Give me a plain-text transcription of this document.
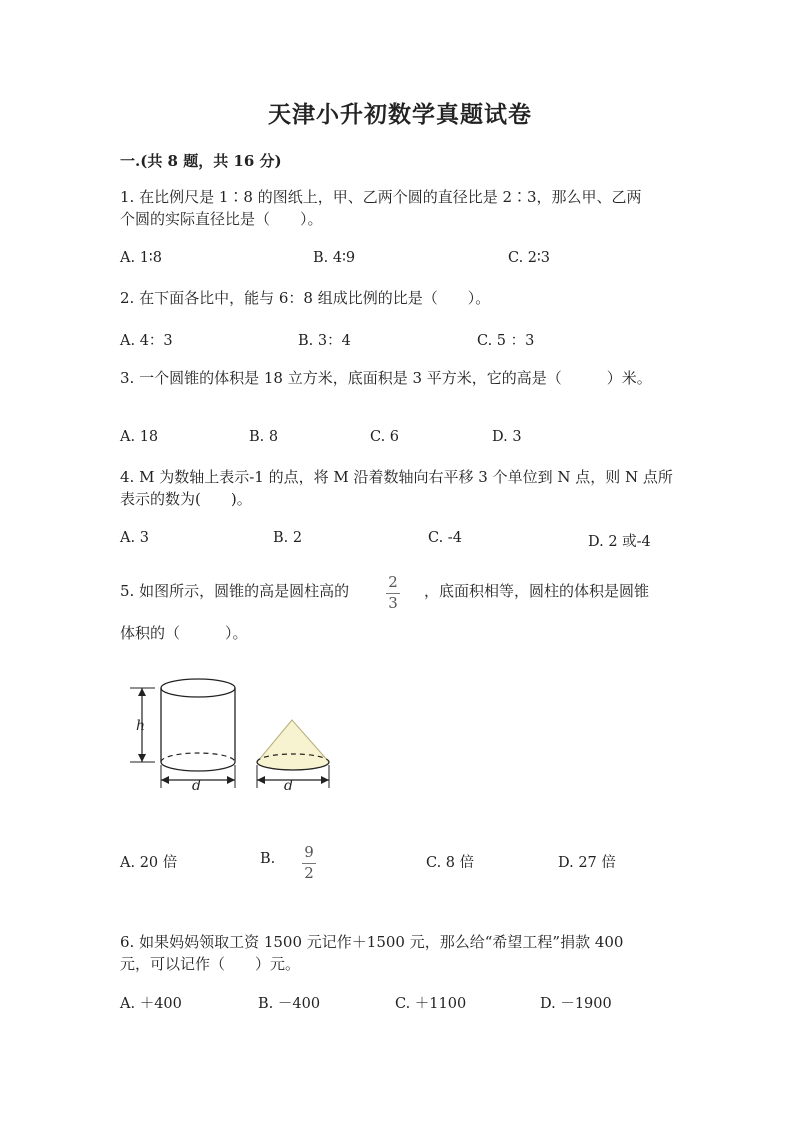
天津小升初数学真题试卷
一.(共 8 题，共 16 分)
1. 在比例尺是 1∶8 的图纸上，甲、乙两个圆的直径比是 2∶3，那么甲、乙两
个圆的实际直径比是（　　）。
A. 1∶8	B. 4∶9	C. 2∶3
2. 在下面各比中，能与 6：8 组成比例的比是（　　）。
A. 4：3	B. 3：4	C. 5 ：3
3. 一个圆锥的体积是 18 立方米，底面积是 3 平方米，它的高是（　　　）米。
A. 18	B. 8	C. 6	D. 3
4. M 为数轴上表示-1 的点，将 M 沿着数轴向右平移 3 个单位到 N 点，则 N 点所
表示的数为(　　)。
A. 3	B. 2	C. -4	D. 2 或-4
5. 如图所示，圆锥的高是圆柱高的	2
3
，底面积相等，圆柱的体积是圆锥
体积的（　　　）。
h
d	d
A. 20 倍	B. 9
2
C. 8 倍	D. 27 倍
6. 如果妈妈领取工资 1500 元记作＋1500 元，那么给“希望工程”捐款 400
元，可以记作（　　）元。
A. ＋400	B. －400	C. ＋1100	D. －1900
